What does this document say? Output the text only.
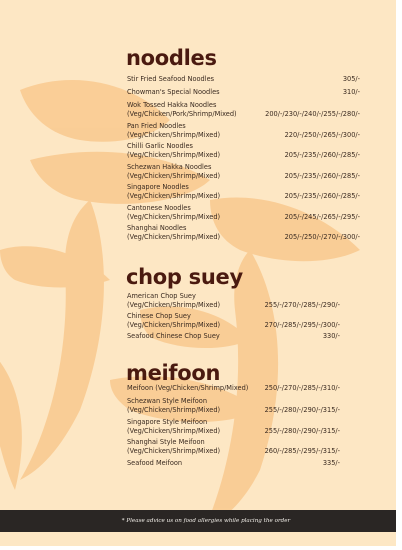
noodles
Stir Fried Seafood Noodles	305/-
Chowman's Special Noodles	310/-
Wok Tossed Hakka Noodles
(Veg/Chicken/Pork/Shrimp/Mixed)	200/-/230/-/240/-/255/-/280/-
Pan Fried Noodles
(Veg/Chicken/Shrimp/Mixed)	220/-/250/-/265/-/300/-
Chilli Garlic Noodles
(Veg/Chicken/Shrimp/Mixed)	205/-/235/-/260/-/285/-
Schezwan Hakka Noodles
(Veg/Chicken/Shrimp/Mixed)	205/-/235/-/260/-/285/-
Singapore Noodles
(Veg/Chicken/Shrimp/Mixed)	205/-/235/-/260/-/285/-
Cantonese Noodles
(Veg/Chicken/Shrimp/Mixed)	205/-/245/-/265/-/295/-
Shanghai Noodles
(Veg/Chicken/Shrimp/Mixed)	205/-/250/-/270/-/300/-
chop suey
American Chop Suey
(Veg/Chicken/Shrimp/Mixed)	255/-/270/-/285/-/290/-
Chinese Chop Suey
(Veg/Chicken/Shrimp/Mixed)	270/-/285/-/295/-/300/-
Seafood Chinese Chop Suey	330/-
meifoon
Meifoon (Veg/Chicken/Shrimp/Mixed)	250/-/270/-/285/-/310/-
Schezwan Style Meifoon
(Veg/Chicken/Shrimp/Mixed)	255/-/280/-/290/-/315/-
Singapore Style Meifoon
(Veg/Chicken/Shrimp/Mixed)	255/-/280/-/290/-/315/-
Shanghai Style Meifoon
(Veg/Chicken/Shrimp/Mixed)	260/-/285/-/295/-/315/-
Seafood Meifoon	335/-
* Please advice us on food allergies while placing the order
